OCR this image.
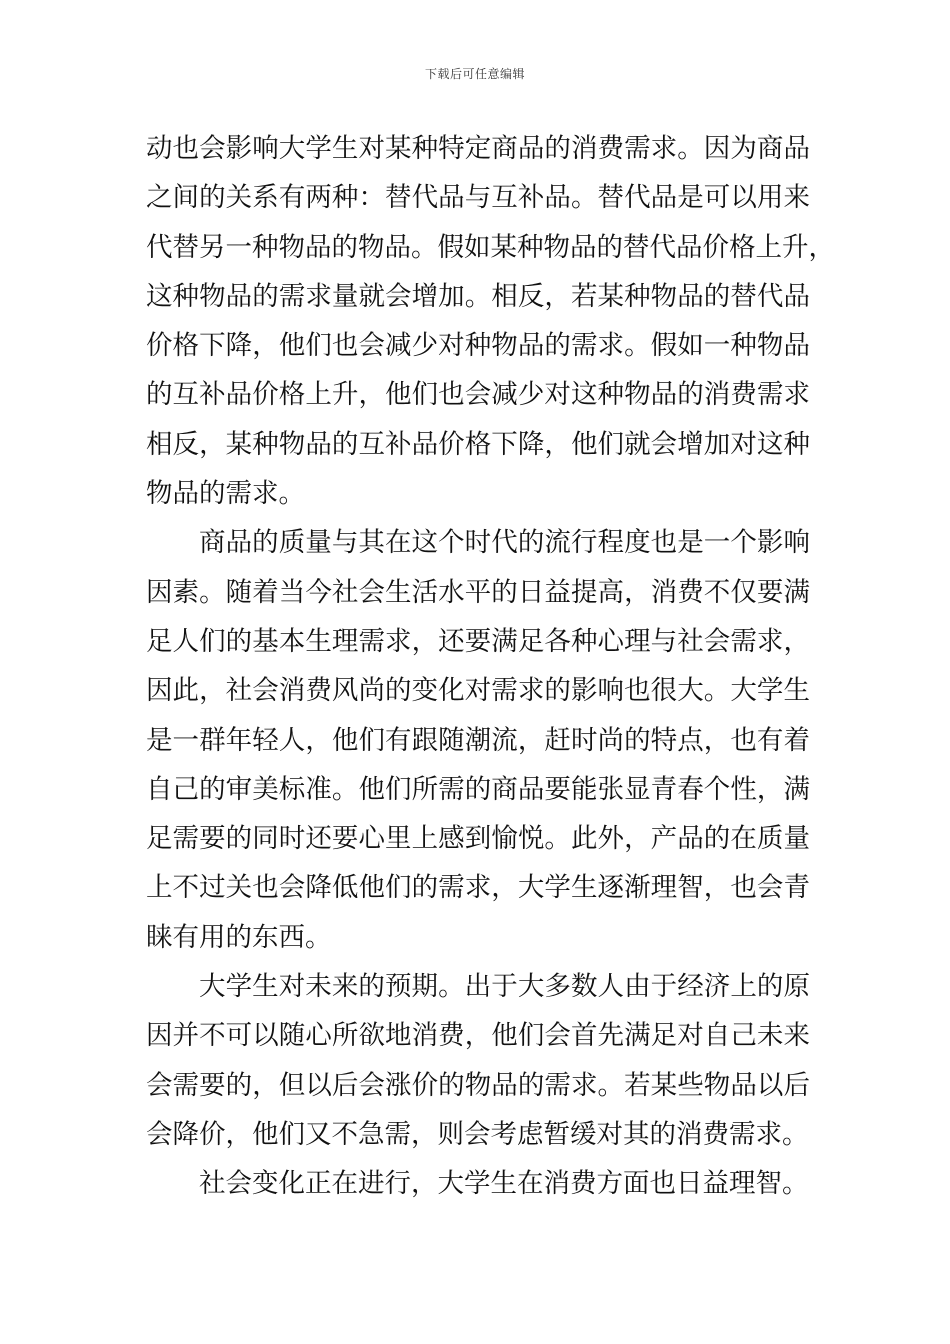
下载后可任意编辑
动也会影响大学生对某种特定商品的消费需求。因为商品
之间的关系有两种：替代品与互补品。替代品是可以用来
代替另一种物品的物品。假如某种物品的替代品价格上升，
这种物品的需求量就会增加。相反，若某种物品的替代品
价格下降，他们也会减少对种物品的需求。假如一种物品
的互补品价格上升，他们也会减少对这种物品的消费需求
相反，某种物品的互补品价格下降，他们就会增加对这种
物品的需求。
商品的质量与其在这个时代的流行程度也是一个影响
因素。随着当今社会生活水平的日益提高，消费不仅要满
足人们的基本生理需求，还要满足各种心理与社会需求，
因此，社会消费风尚的变化对需求的影响也很大。大学生
是一群年轻人，他们有跟随潮流，赶时尚的特点，也有着
自己的审美标准。他们所需的商品要能张显青春个性，满
足需要的同时还要心里上感到愉悦。此外，产品的在质量
上不过关也会降低他们的需求，大学生逐渐理智，也会青
睐有用的东西。
大学生对未来的预期。出于大多数人由于经济上的原
因并不可以随心所欲地消费，他们会首先满足对自己未来
会需要的，但以后会涨价的物品的需求。若某些物品以后
会降价，他们又不急需，则会考虑暂缓对其的消费需求。
社会变化正在进行，大学生在消费方面也日益理智。
